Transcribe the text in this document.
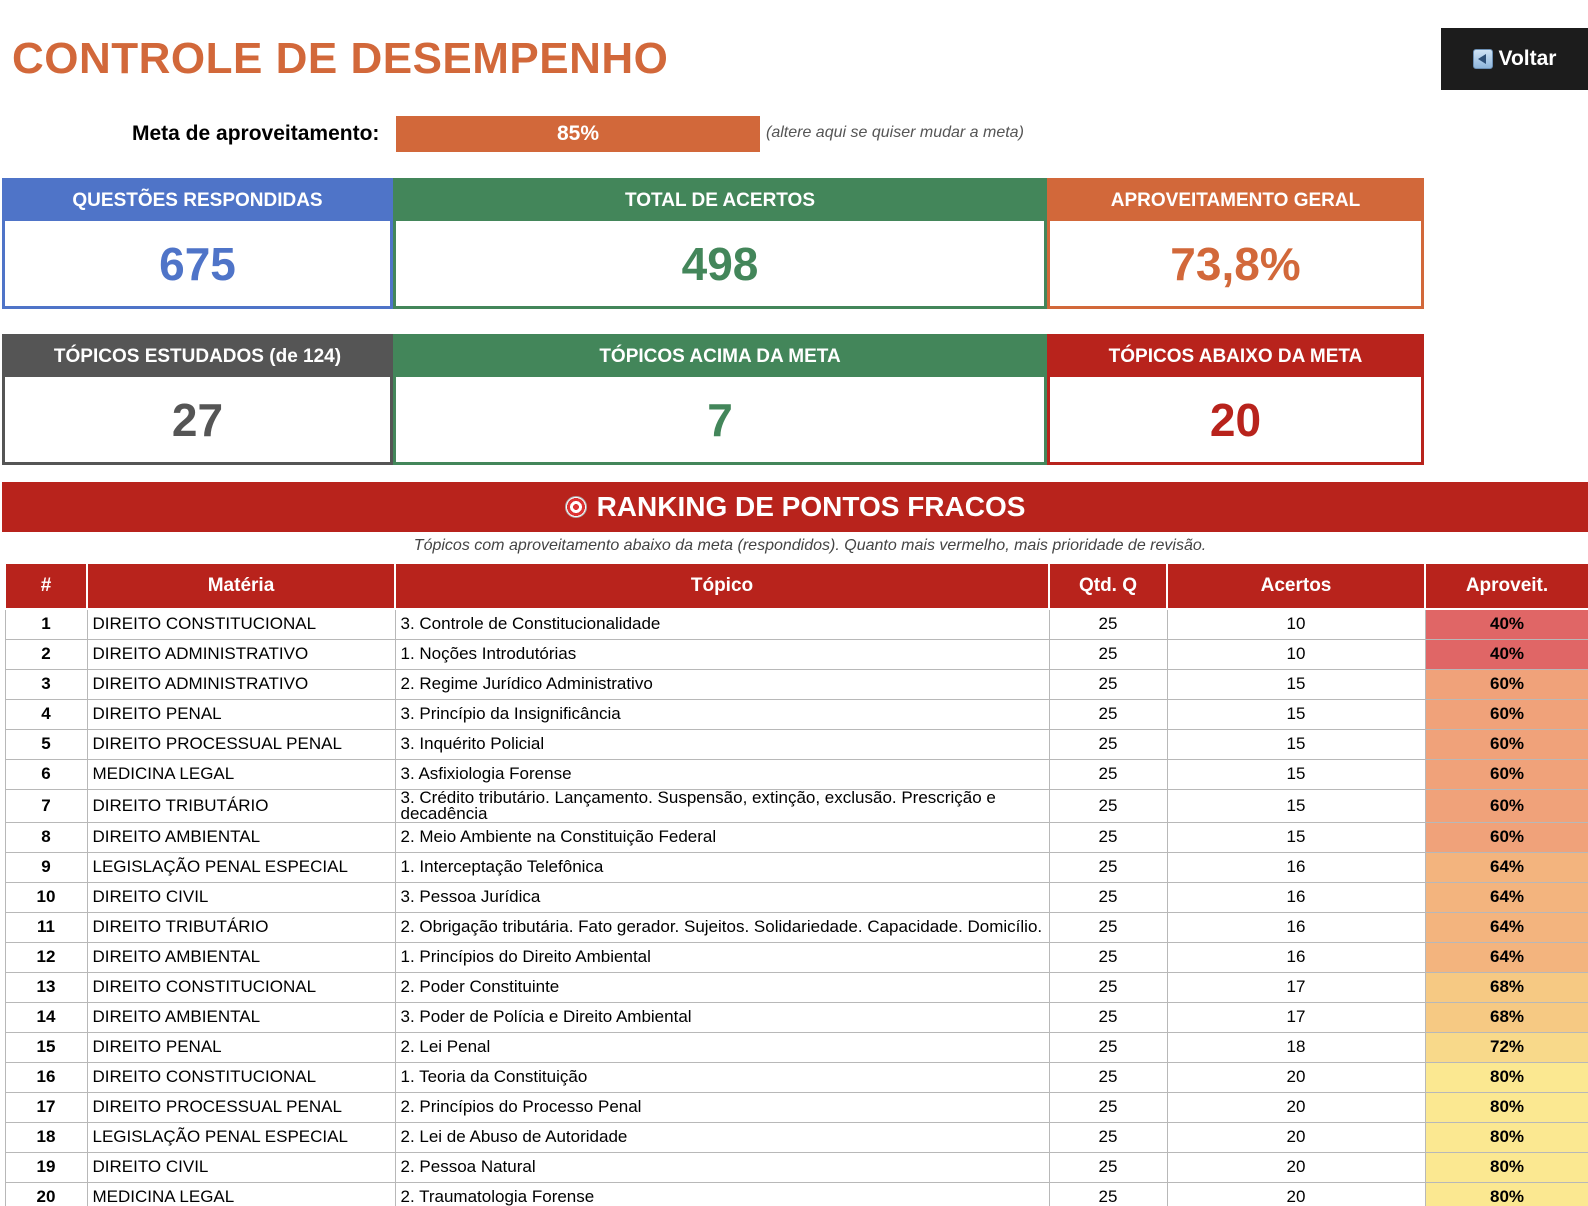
CONTROLE DE DESEMPENHO	Voltar
Meta de aproveitamento:	85%	(altere aqui se quiser mudar a meta)
QUESTÕES RESPONDIDAS
675
TOTAL DE ACERTOS
498
APROVEITAMENTO GERAL
73,8%
TÓPICOS ESTUDADOS (de 124)
27
TÓPICOS ACIMA DA META
7
TÓPICOS ABAIXO DA META
20
RANKING DE PONTOS FRACOS
Tópicos com aproveitamento abaixo da meta (respondidos). Quanto mais vermelho, mais prioridade de revisão.
#	Matéria	Tópico	Qtd. Q	Acertos	Aproveit.
1	DIREITO CONSTITUCIONAL	3. Controle de Constitucionalidade	25	10	40%
2	DIREITO ADMINISTRATIVO	1. Noções Introdutórias	25	10	40%
3	DIREITO ADMINISTRATIVO	2. Regime Jurídico Administrativo	25	15	60%
4	DIREITO PENAL	3. Princípio da Insignificância	25	15	60%
5	DIREITO PROCESSUAL PENAL	3. Inquérito Policial	25	15	60%
6	MEDICINA LEGAL	3. Asfixiologia Forense	25	15	60%
7	DIREITO TRIBUTÁRIO	3. Crédito tributário. Lançamento. Suspensão, extinção, exclusão. Prescrição e decadência	25	15	60%
8	DIREITO AMBIENTAL	2. Meio Ambiente na Constituição Federal	25	15	60%
9	LEGISLAÇÃO PENAL ESPECIAL	1. Interceptação Telefônica	25	16	64%
10	DIREITO CIVIL	3. Pessoa Jurídica	25	16	64%
11	DIREITO TRIBUTÁRIO	2. Obrigação tributária. Fato gerador. Sujeitos. Solidariedade. Capacidade. Domicílio.	25	16	64%
12	DIREITO AMBIENTAL	1. Princípios do Direito Ambiental	25	16	64%
13	DIREITO CONSTITUCIONAL	2. Poder Constituinte	25	17	68%
14	DIREITO AMBIENTAL	3. Poder de Polícia e Direito Ambiental	25	17	68%
15	DIREITO PENAL	2. Lei Penal	25	18	72%
16	DIREITO CONSTITUCIONAL	1. Teoria da Constituição	25	20	80%
17	DIREITO PROCESSUAL PENAL	2. Princípios do Processo Penal	25	20	80%
18	LEGISLAÇÃO PENAL ESPECIAL	2. Lei de Abuso de Autoridade	25	20	80%
19	DIREITO CIVIL	2. Pessoa Natural	25	20	80%
20	MEDICINA LEGAL	2. Traumatologia Forense	25	20	80%
